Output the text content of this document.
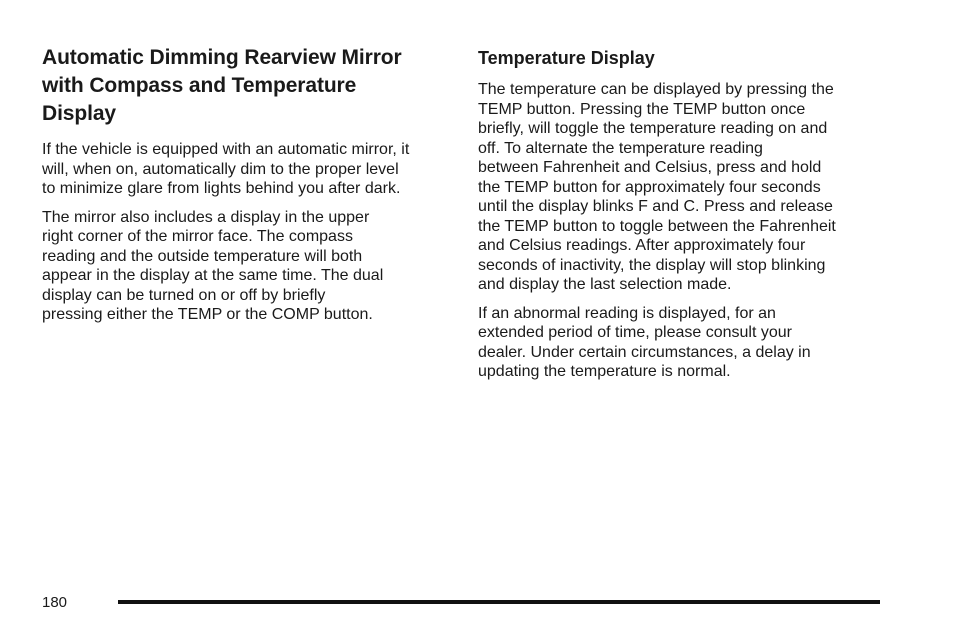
Automatic Dimming Rearview Mirror
with Compass and Temperature
Display

If the vehicle is equipped with an automatic mirror, it
will, when on, automatically dim to the proper level
to minimize glare from lights behind you after dark.

The mirror also includes a display in the upper
right corner of the mirror face. The compass
reading and the outside temperature will both
appear in the display at the same time. The dual
display can be turned on or off by briefly
pressing either the TEMP or the COMP button.

Temperature Display

The temperature can be displayed by pressing the
TEMP button. Pressing the TEMP button once
briefly, will toggle the temperature reading on and
off. To alternate the temperature reading
between Fahrenheit and Celsius, press and hold
the TEMP button for approximately four seconds
until the display blinks F and C. Press and release
the TEMP button to toggle between the Fahrenheit
and Celsius readings. After approximately four
seconds of inactivity, the display will stop blinking
and display the last selection made.

If an abnormal reading is displayed, for an
extended period of time, please consult your
dealer. Under certain circumstances, a delay in
updating the temperature is normal.

180
